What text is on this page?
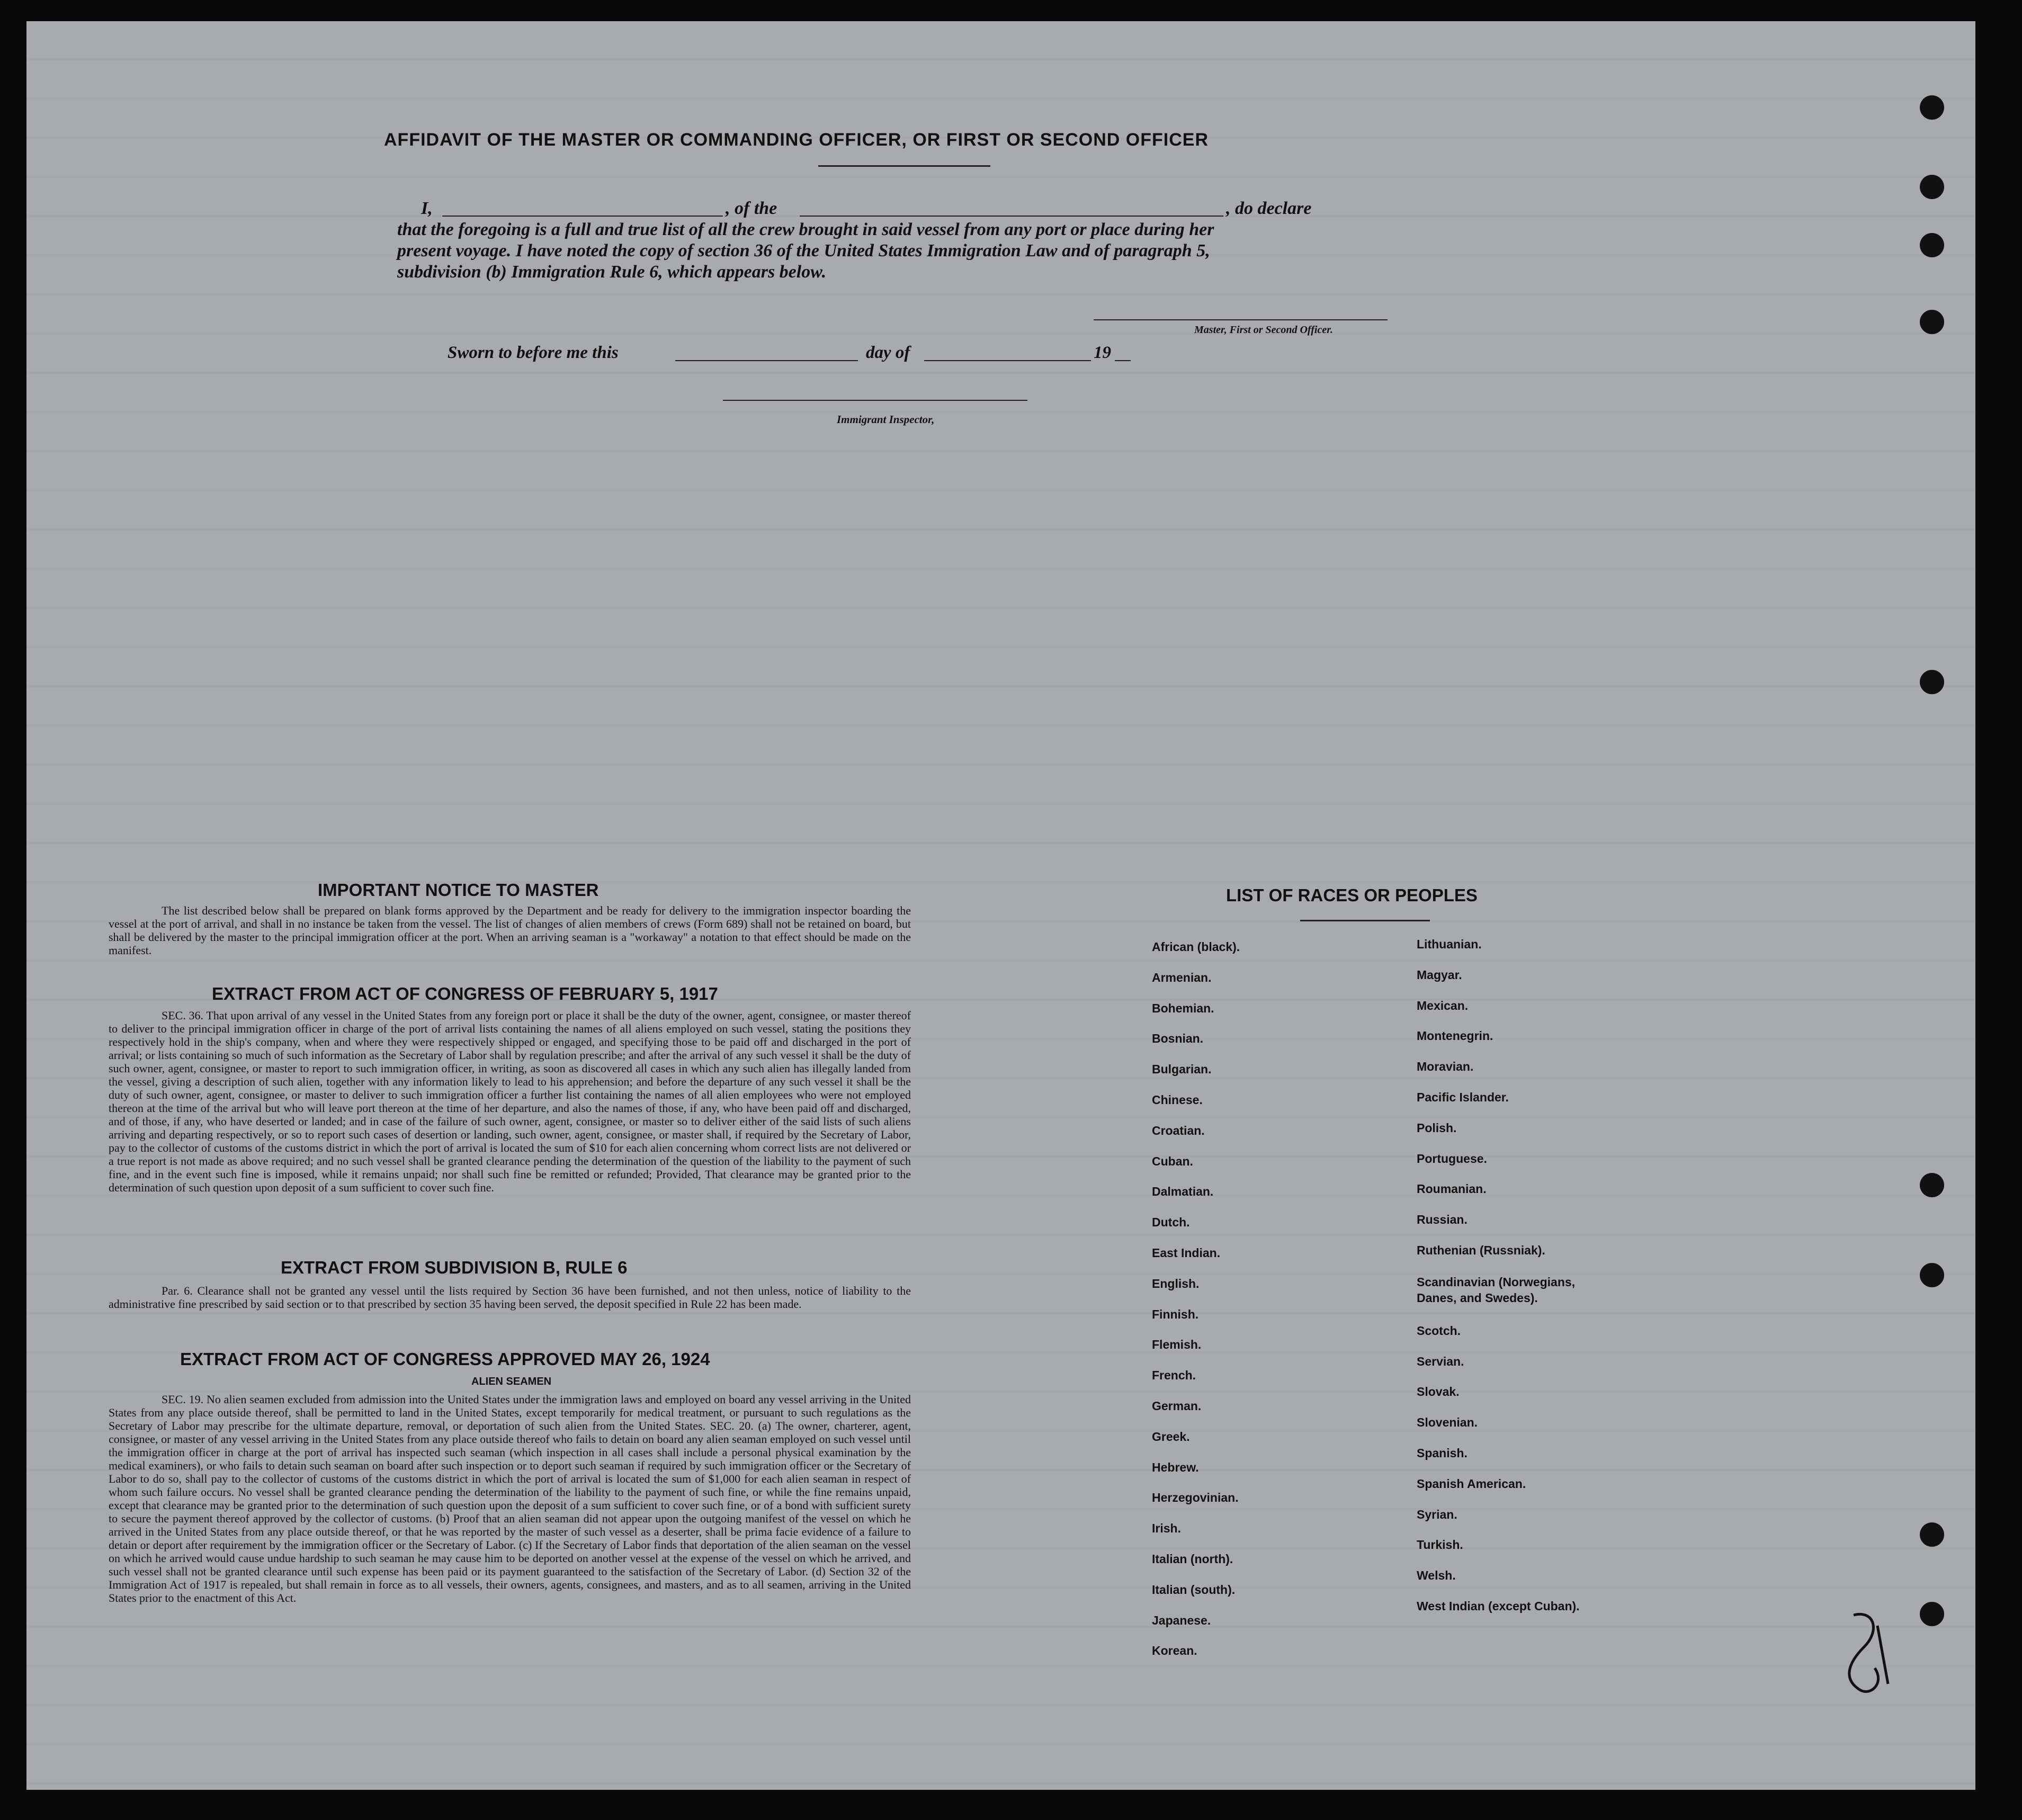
AFFIDAVIT OF THE MASTER OR COMMANDING OFFICER, OR FIRST OR SECOND OFFICER
I,	, of the	, do declare
that the foregoing is a full and true list of all the crew brought in said vessel from any port or place during her
present voyage. I have noted the copy of section 36 of the United States Immigration Law and of paragraph 5,
subdivision (b) Immigration Rule 6, which appears below.
Master, First or Second Officer.
Sworn to before me this	day of	19
Immigrant Inspector,
IMPORTANT NOTICE TO MASTER
The list described below shall be prepared on blank forms approved by the Department and be ready for delivery to the immigration inspector boarding the vessel at the port of arrival, and shall in no instance be taken from the vessel. The list of changes of alien members of crews (Form 689) shall not be retained on board, but shall be delivered by the master to the principal immigration officer at the port. When an arriving seaman is a "workaway" a notation to that effect should be made on the manifest.
EXTRACT FROM ACT OF CONGRESS OF FEBRUARY 5, 1917
SEC. 36. That upon arrival of any vessel in the United States from any foreign port or place it shall be the duty of the owner, agent, consignee, or master thereof to deliver to the principal immigration officer in charge of the port of arrival lists containing the names of all aliens employed on such vessel, stating the positions they respectively hold in the ship's company, when and where they were respectively shipped or engaged, and specifying those to be paid off and discharged in the port of arrival; or lists containing so much of such information as the Secretary of Labor shall by regulation prescribe; and after the arrival of any such vessel it shall be the duty of such owner, agent, consignee, or master to report to such immigration officer, in writing, as soon as discovered all cases in which any such alien has illegally landed from the vessel, giving a description of such alien, together with any information likely to lead to his apprehension; and before the departure of any such vessel it shall be the duty of such owner, agent, consignee, or master to deliver to such immigration officer a further list containing the names of all alien employees who were not employed thereon at the time of the arrival but who will leave port thereon at the time of her departure, and also the names of those, if any, who have been paid off and discharged, and of those, if any, who have deserted or landed; and in case of the failure of such owner, agent, consignee, or master so to deliver either of the said lists of such aliens arriving and departing respectively, or so to report such cases of desertion or landing, such owner, agent, consignee, or master shall, if required by the Secretary of Labor, pay to the collector of customs of the customs district in which the port of arrival is located the sum of $10 for each alien concerning whom correct lists are not delivered or a true report is not made as above required; and no such vessel shall be granted clearance pending the determination of the question of the liability to the payment of such fine, and in the event such fine is imposed, while it remains unpaid; nor shall such fine be remitted or refunded; Provided, That clearance may be granted prior to the determination of such question upon deposit of a sum sufficient to cover such fine.
EXTRACT FROM SUBDIVISION B, RULE 6
Par. 6. Clearance shall not be granted any vessel until the lists required by Section 36 have been furnished, and not then unless, notice of liability to the administrative fine prescribed by said section or to that prescribed by section 35 having been served, the deposit specified in Rule 22 has been made.
EXTRACT FROM ACT OF CONGRESS APPROVED MAY 26, 1924
ALIEN SEAMEN
SEC. 19. No alien seamen excluded from admission into the United States under the immigration laws and employed on board any vessel arriving in the United States from any place outside thereof, shall be permitted to land in the United States, except temporarily for medical treatment, or pursuant to such regulations as the Secretary of Labor may prescribe for the ultimate departure, removal, or deportation of such alien from the United States. SEC. 20. (a) The owner, charterer, agent, consignee, or master of any vessel arriving in the United States from any place outside thereof who fails to detain on board any alien seaman employed on such vessel until the immigration officer in charge at the port of arrival has inspected such seaman (which inspection in all cases shall include a personal physical examination by the medical examiners), or who fails to detain such seaman on board after such inspection or to deport such seaman if required by such immigration officer or the Secretary of Labor to do so, shall pay to the collector of customs of the customs district in which the port of arrival is located the sum of $1,000 for each alien seaman in respect of whom such failure occurs. No vessel shall be granted clearance pending the determination of the liability to the payment of such fine, or while the fine remains unpaid, except that clearance may be granted prior to the determination of such question upon the deposit of a sum sufficient to cover such fine, or of a bond with sufficient surety to secure the payment thereof approved by the collector of customs. (b) Proof that an alien seaman did not appear upon the outgoing manifest of the vessel on which he arrived in the United States from any place outside thereof, or that he was reported by the master of such vessel as a deserter, shall be prima facie evidence of a failure to detain or deport after requirement by the immigration officer or the Secretary of Labor. (c) If the Secretary of Labor finds that deportation of the alien seaman on the vessel on which he arrived would cause undue hardship to such seaman he may cause him to be deported on another vessel at the expense of the vessel on which he arrived, and such vessel shall not be granted clearance until such expense has been paid or its payment guaranteed to the satisfaction of the Secretary of Labor. (d) Section 32 of the Immigration Act of 1917 is repealed, but shall remain in force as to all vessels, their owners, agents, consignees, and masters, and as to all seamen, arriving in the United States prior to the enactment of this Act.
LIST OF RACES OR PEOPLES
African (black).
Armenian.
Bohemian.
Bosnian.
Bulgarian.
Chinese.
Croatian.
Cuban.
Dalmatian.
Dutch.
East Indian.
English.
Finnish.
Flemish.
French.
German.
Greek.
Hebrew.
Herzegovinian.
Irish.
Italian (north).
Italian (south).
Japanese.
Korean.
Lithuanian.
Magyar.
Mexican.
Montenegrin.
Moravian.
Pacific Islander.
Polish.
Portuguese.
Roumanian.
Russian.
Ruthenian (Russniak).
Scandinavian (Norwegians, Danes, and Swedes).
Scotch.
Servian.
Slovak.
Slovenian.
Spanish.
Spanish American.
Syrian.
Turkish.
Welsh.
West Indian (except Cuban).
